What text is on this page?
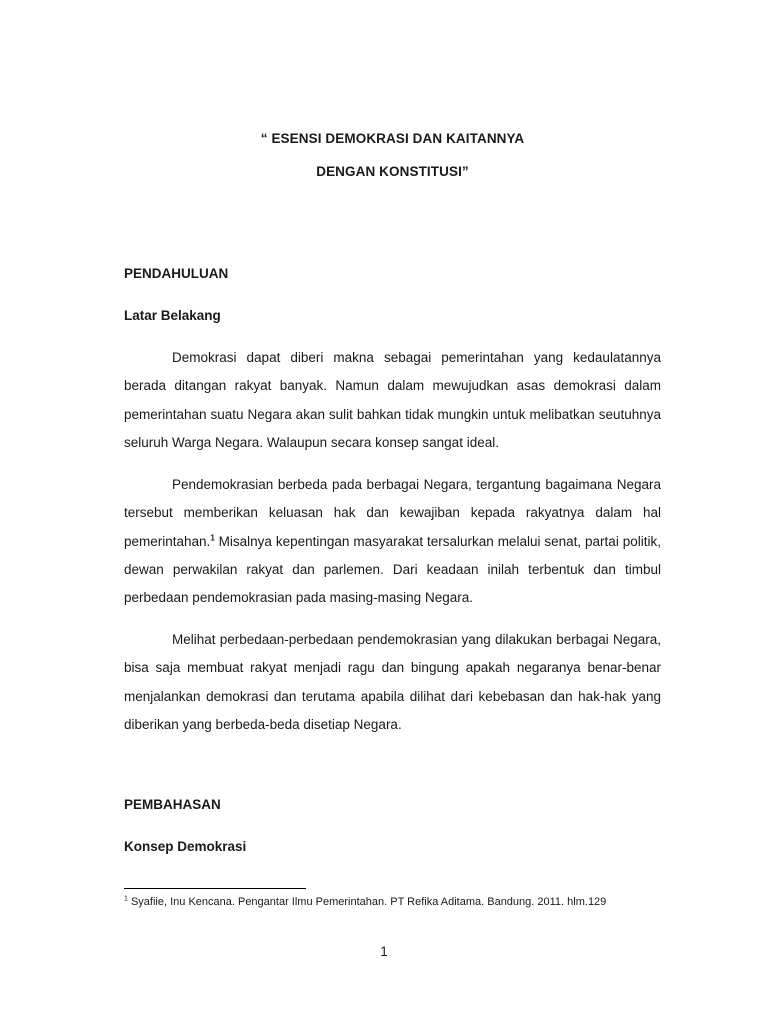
“ ESENSI DEMOKRASI DAN KAITANNYA
DENGAN KONSTITUSI”
PENDAHULUAN
Latar Belakang

Demokrasi dapat diberi makna sebagai pemerintahan yang kedaulatannya berada ditangan rakyat banyak. Namun dalam mewujudkan asas demokrasi dalam pemerintahan suatu Negara akan sulit bahkan tidak mungkin untuk melibatkan seutuhnya seluruh Warga Negara. Walaupun secara konsep sangat ideal.

Pendemokrasian berbeda pada berbagai Negara, tergantung bagaimana Negara tersebut memberikan keluasan hak dan kewajiban kepada rakyatnya dalam hal pemerintahan.$^1$ Misalnya kepentingan masyarakat tersalurkan melalui senat, partai politik, dewan perwakilan rakyat dan parlemen. Dari keadaan inilah terbentuk dan timbul perbedaan pendemokrasian pada masing-masing Negara.

Melihat perbedaan-perbedaan pendemokrasian yang dilakukan berbagai Negara, bisa saja membuat rakyat menjadi ragu dan bingung apakah negaranya benar-benar menjalankan demokrasi dan terutama apabila dilihat dari kebebasan dan hak-hak yang diberikan yang berbeda-beda disetiap Negara.

PEMBAHASAN
Konsep Demokrasi
$^1$ Syafiie, Inu Kencana. Pengantar Ilmu Pemerintahan. PT Refika Aditama. Bandung. 2011. hlm.129
1
